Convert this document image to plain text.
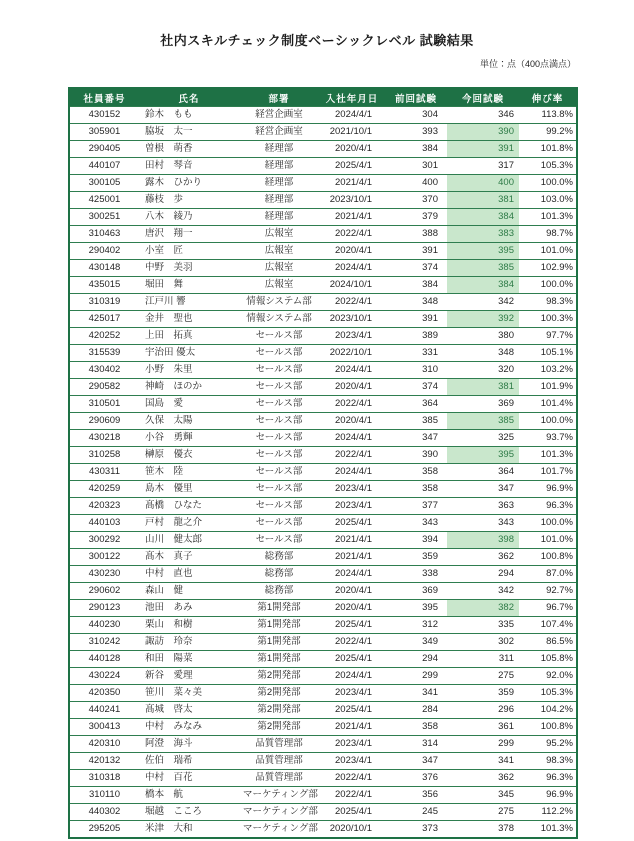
社内スキルチェック制度ベーシックレベル 試験結果
単位：点（400点満点）
社員番号	氏名	部署	入社年月日	前回試験	今回試験	伸び率
430152	鈴木　もも	経営企画室	2024/4/1	304	346	113.8%
305901	脇坂　太一	経営企画室	2021/10/1	393	390	99.2%
290405	曽根　萌香	経理部	2020/4/1	384	391	101.8%
440107	田村　琴音	経理部	2025/4/1	301	317	105.3%
300105	露木　ひかり	経理部	2021/4/1	400	400	100.0%
425001	藤枝　歩	経理部	2023/10/1	370	381	103.0%
300251	八木　綾乃	経理部	2021/4/1	379	384	101.3%
310463	唐沢　翔一	広報室	2022/4/1	388	383	98.7%
290402	小室　匠	広報室	2020/4/1	391	395	101.0%
430148	中野　美羽	広報室	2024/4/1	374	385	102.9%
435015	堀田　舞	広報室	2024/10/1	384	384	100.0%
310319	江戸川 響	情報システム部	2022/4/1	348	342	98.3%
425017	金井　聖也	情報システム部	2023/10/1	391	392	100.3%
420252	上田　拓真	セールス部	2023/4/1	389	380	97.7%
315539	宇治田 優太	セールス部	2022/10/1	331	348	105.1%
430402	小野　朱里	セールス部	2024/4/1	310	320	103.2%
290582	神崎　ほのか	セールス部	2020/4/1	374	381	101.9%
310501	国島　愛	セールス部	2022/4/1	364	369	101.4%
290609	久保　太陽	セールス部	2020/4/1	385	385	100.0%
430218	小谷　勇輝	セールス部	2024/4/1	347	325	93.7%
310258	榊原　優衣	セールス部	2022/4/1	390	395	101.3%
430311	笹木　陸	セールス部	2024/4/1	358	364	101.7%
420259	島木　優里	セールス部	2023/4/1	358	347	96.9%
420323	髙橋　ひなた	セールス部	2023/4/1	377	363	96.3%
440103	戸村　龍之介	セールス部	2025/4/1	343	343	100.0%
300292	山川　健太郎	セールス部	2021/4/1	394	398	101.0%
300122	髙木　真子	総務部	2021/4/1	359	362	100.8%
430230	中村　直也	総務部	2024/4/1	338	294	87.0%
290602	森山　健	総務部	2020/4/1	369	342	92.7%
290123	池田　あみ	第1開発部	2020/4/1	395	382	96.7%
440230	栗山　和樹	第1開発部	2025/4/1	312	335	107.4%
310242	諏訪　玲奈	第1開発部	2022/4/1	349	302	86.5%
440128	和田　陽菜	第1開発部	2025/4/1	294	311	105.8%
430224	新谷　愛理	第2開発部	2024/4/1	299	275	92.0%
420350	笹川　菜々美	第2開発部	2023/4/1	341	359	105.3%
440241	髙城　啓太	第2開発部	2025/4/1	284	296	104.2%
300413	中村　みなみ	第2開発部	2021/4/1	358	361	100.8%
420310	阿澄　海斗	品質管理部	2023/4/1	314	299	95.2%
420132	佐伯　瑞希	品質管理部	2023/4/1	347	341	98.3%
310318	中村　百花	品質管理部	2022/4/1	376	362	96.3%
310110	橋本　航	マーケティング部	2022/4/1	356	345	96.9%
440302	堀越　こころ	マーケティング部	2025/4/1	245	275	112.2%
295205	米津　大和	マーケティング部	2020/10/1	373	378	101.3%
